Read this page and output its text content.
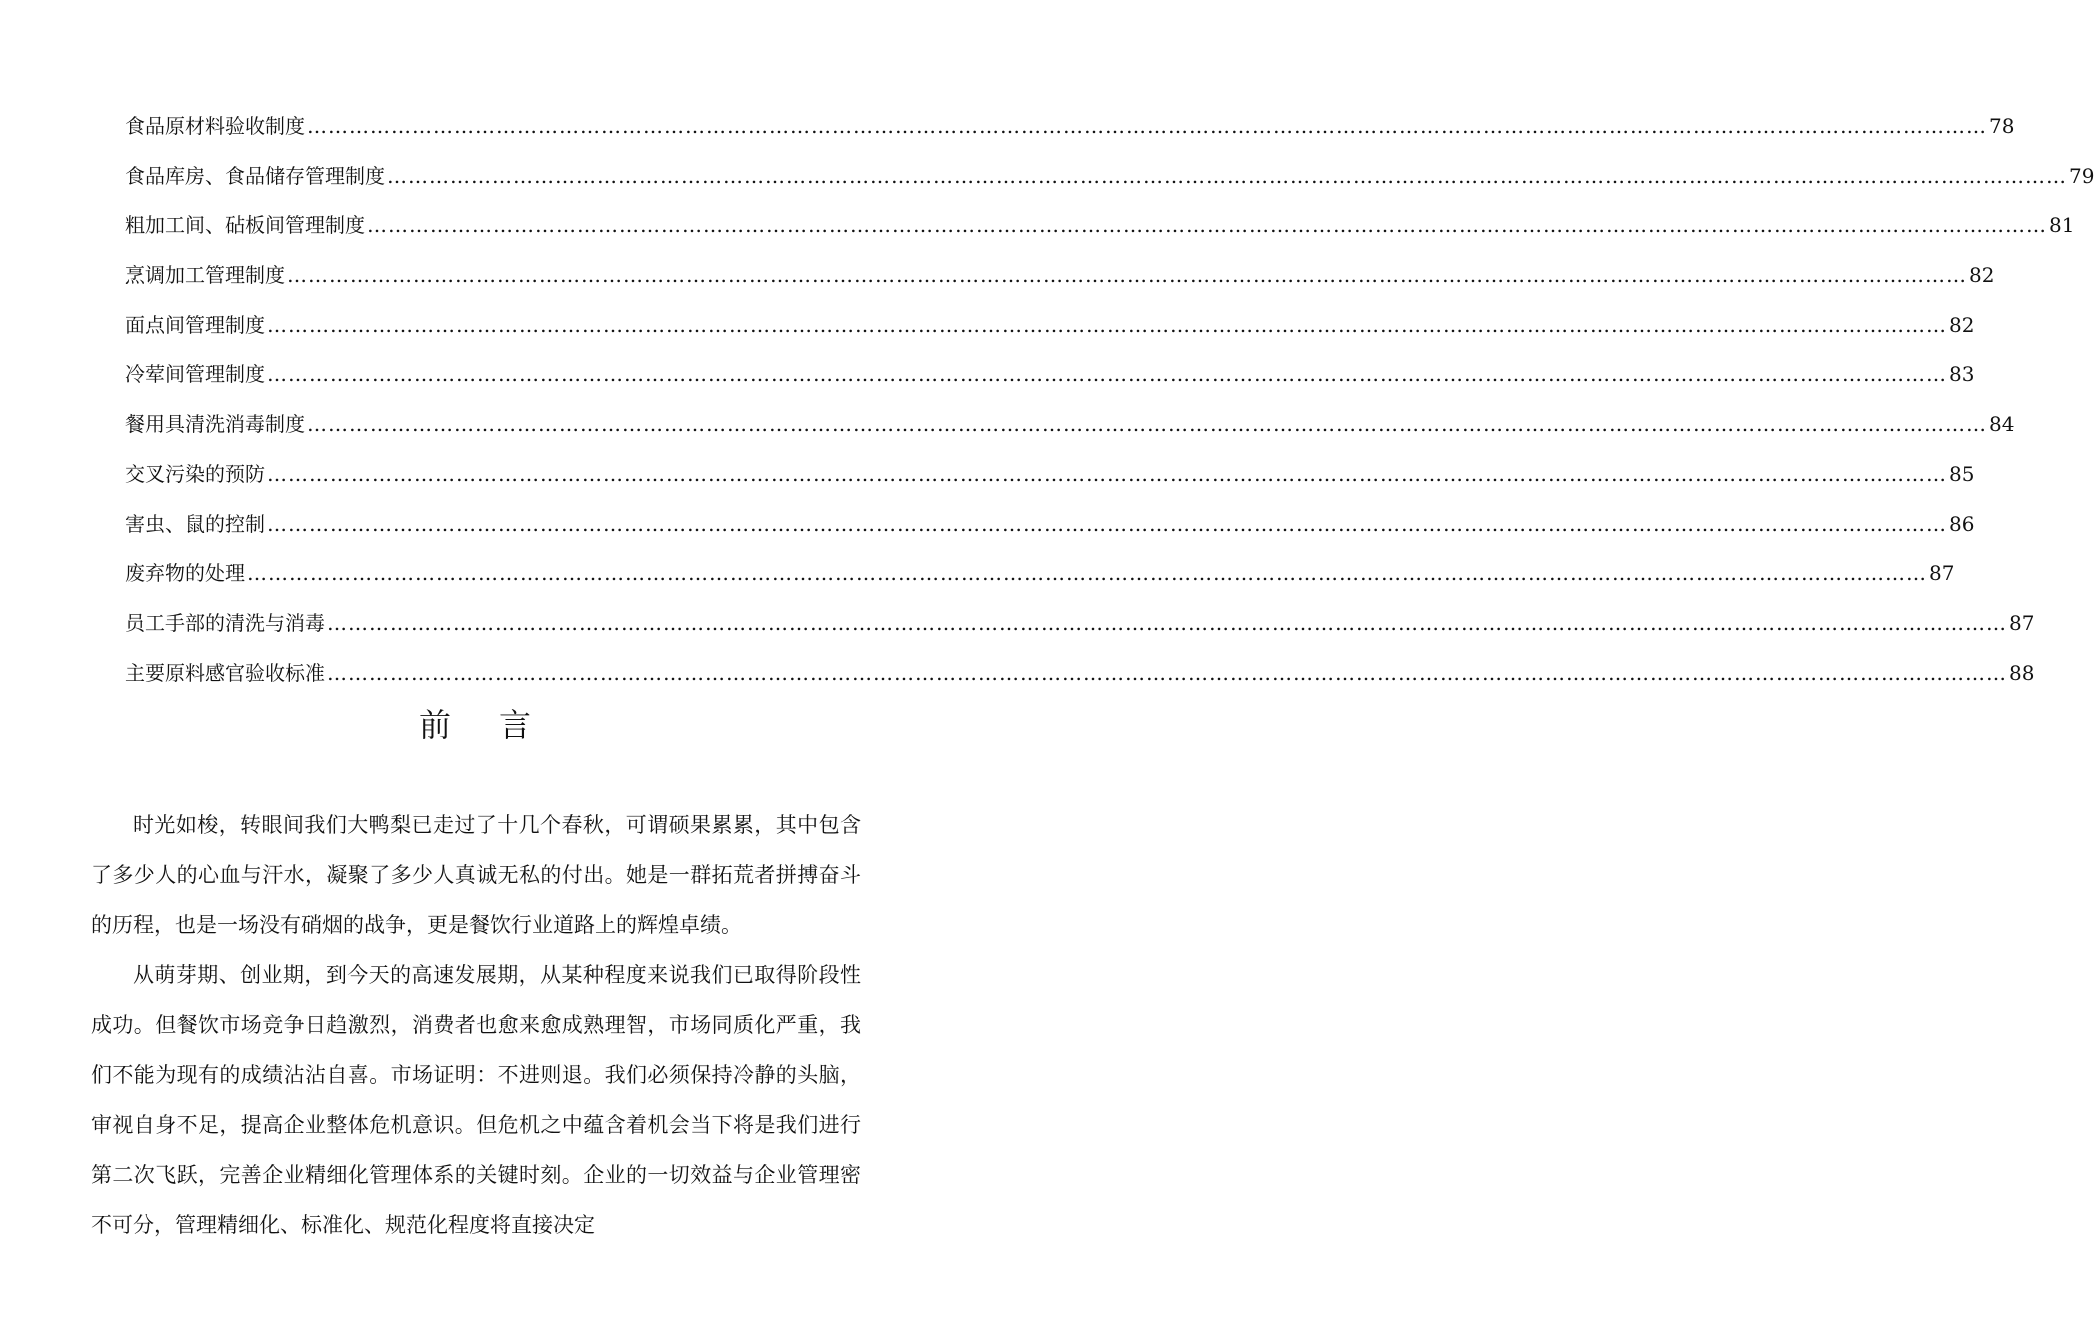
食品原材料验收制度 …………………………………………………………………………………………………………………………………………………………………………………………………………………… 78
食品库房、食品储存管理制度 …………………………………………………………………………………………………………………………………………………………………………………………………………………… 79
粗加工间、砧板间管理制度 …………………………………………………………………………………………………………………………………………………………………………………………………………………… 81
烹调加工管理制度 …………………………………………………………………………………………………………………………………………………………………………………………………………………… 82
面点间管理制度 …………………………………………………………………………………………………………………………………………………………………………………………………………………… 82
冷荤间管理制度 …………………………………………………………………………………………………………………………………………………………………………………………………………………… 83
餐用具清洗消毒制度 …………………………………………………………………………………………………………………………………………………………………………………………………………………… 84
交叉污染的预防 …………………………………………………………………………………………………………………………………………………………………………………………………………………… 85
害虫、鼠的控制 …………………………………………………………………………………………………………………………………………………………………………………………………………………… 86
废弃物的处理 …………………………………………………………………………………………………………………………………………………………………………………………………………………… 87
员工手部的清洗与消毒 …………………………………………………………………………………………………………………………………………………………………………………………………………………… 87
主要原料感官验收标准 …………………………………………………………………………………………………………………………………………………………………………………………………………………… 88
前 言

时光如梭，转眼间我们大鸭梨已走过了十几个春秋，可谓硕果累累，其中包含了多少人的心血与汗水，凝聚了多少人真诚无私的付出。她是一群拓荒者拼搏奋斗的历程，也是一场没有硝烟的战争，更是餐饮行业道路上的辉煌卓绩。

从萌芽期、创业期，到今天的高速发展期，从某种程度来说我们已取得阶段性成功。但餐饮市场竞争日趋激烈，消费者也愈来愈成熟理智，市场同质化严重，我们不能为现有的成绩沾沾自喜。市场证明：不进则退。我们必须保持冷静的头脑，审视自身不足，提高企业整体危机意识。但危机之中蕴含着机会当下将是我们进行第二次飞跃，完善企业精细化管理体系的关键时刻。企业的一切效益与企业管理密不可分，管理精细化、标准化、规范化程度将直接决定
